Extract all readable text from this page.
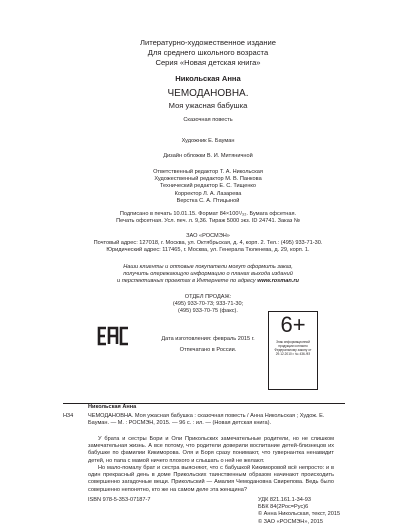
Литературно-художественное издание
Для среднего школьного возраста
Серия «Новая детская книга»
Никольская Анна
ЧЕМОДАНОВНА.
Моя ужасная бабушка
Сказочная повесть
Художник Е. Бауман
Дизайн обложки В. И. Митяничной
Ответственный редактор Т. А. Никольская
Художественный редактор М. В. Панкова
Технический редактор Е. С. Тищенко
Корректор Л. А. Лазарева
Верстка С. А. Птицыной
Подписано в печать 10.01.15. Формат 84×100¹/₃₂. Бумага офсетная.
Печать офсетная. Усл. печ. л. 9,36. Тираж 5000 экз. ID 24741. Заказ №
ЗАО «РОСМЭН»
Почтовый адрес: 127018, г. Москва, ул. Октябрьская, д. 4, корп. 2. Тел.: (495) 933-71-30.
Юридический адрес: 117465, г. Москва, ул. Генерала Тюленева, д. 29, корп. 1.
Наши клиенты и оптовые покупатели могут оформить заказ,
получить опережающую информацию о планах выхода изданий
и перспективных проектах в Интернете по адресу www.rosman.ru
ОТДЕЛ ПРОДАЖ:
(495) 933-70-73; 933-71-30;
(495) 933-70-75 (факс).
Дата изготовления: февраль 2015 г.
Отпечатано в России.
6+
Знак информационной продукции согласно Федеральному закону от 29.12.2010 г. № 436-ФЗ
Никольская Анна
Н34	ЧЕМОДАНОВНА. Моя ужасная бабушка : сказочная повесть / Анна Никольская ; Худож. Е. Бауман. — М. : РОСМЭН, 2015. — 96 с. : ил. — (Новая детская книга).
У брата и сестры Бори и Оли Прикольских замечательные родители, но не слишком замечательная жизнь. А все потому, что родители доверили воспитание детей-близнецов их бабушке по фамилии Кикиморова. Оля и Боря сразу понимают, что гувернантка ненавидит детей, но папа с мамой ничего плохого и слышать о ней не желают.
Но мало-помалу брат и сестра выясняют, что с бабушкой Кикиморовой всё непросто: и в один прекрасный день в доме Прикольских таинственным образом начинают происходить совершенно загадочные вещи. Прикольский — Амалия Чемодановна Свирепова. Ведь было совершенно непонятно, кто же на самом деле эта женщина?
ISBN 978-5-353-07187-7	УДК 821.161.1-34-93
ББК 84(2Рос=Рус)6
© Анна Никольская, текст, 2015
© ЗАО «РОСМЭН», 2015
